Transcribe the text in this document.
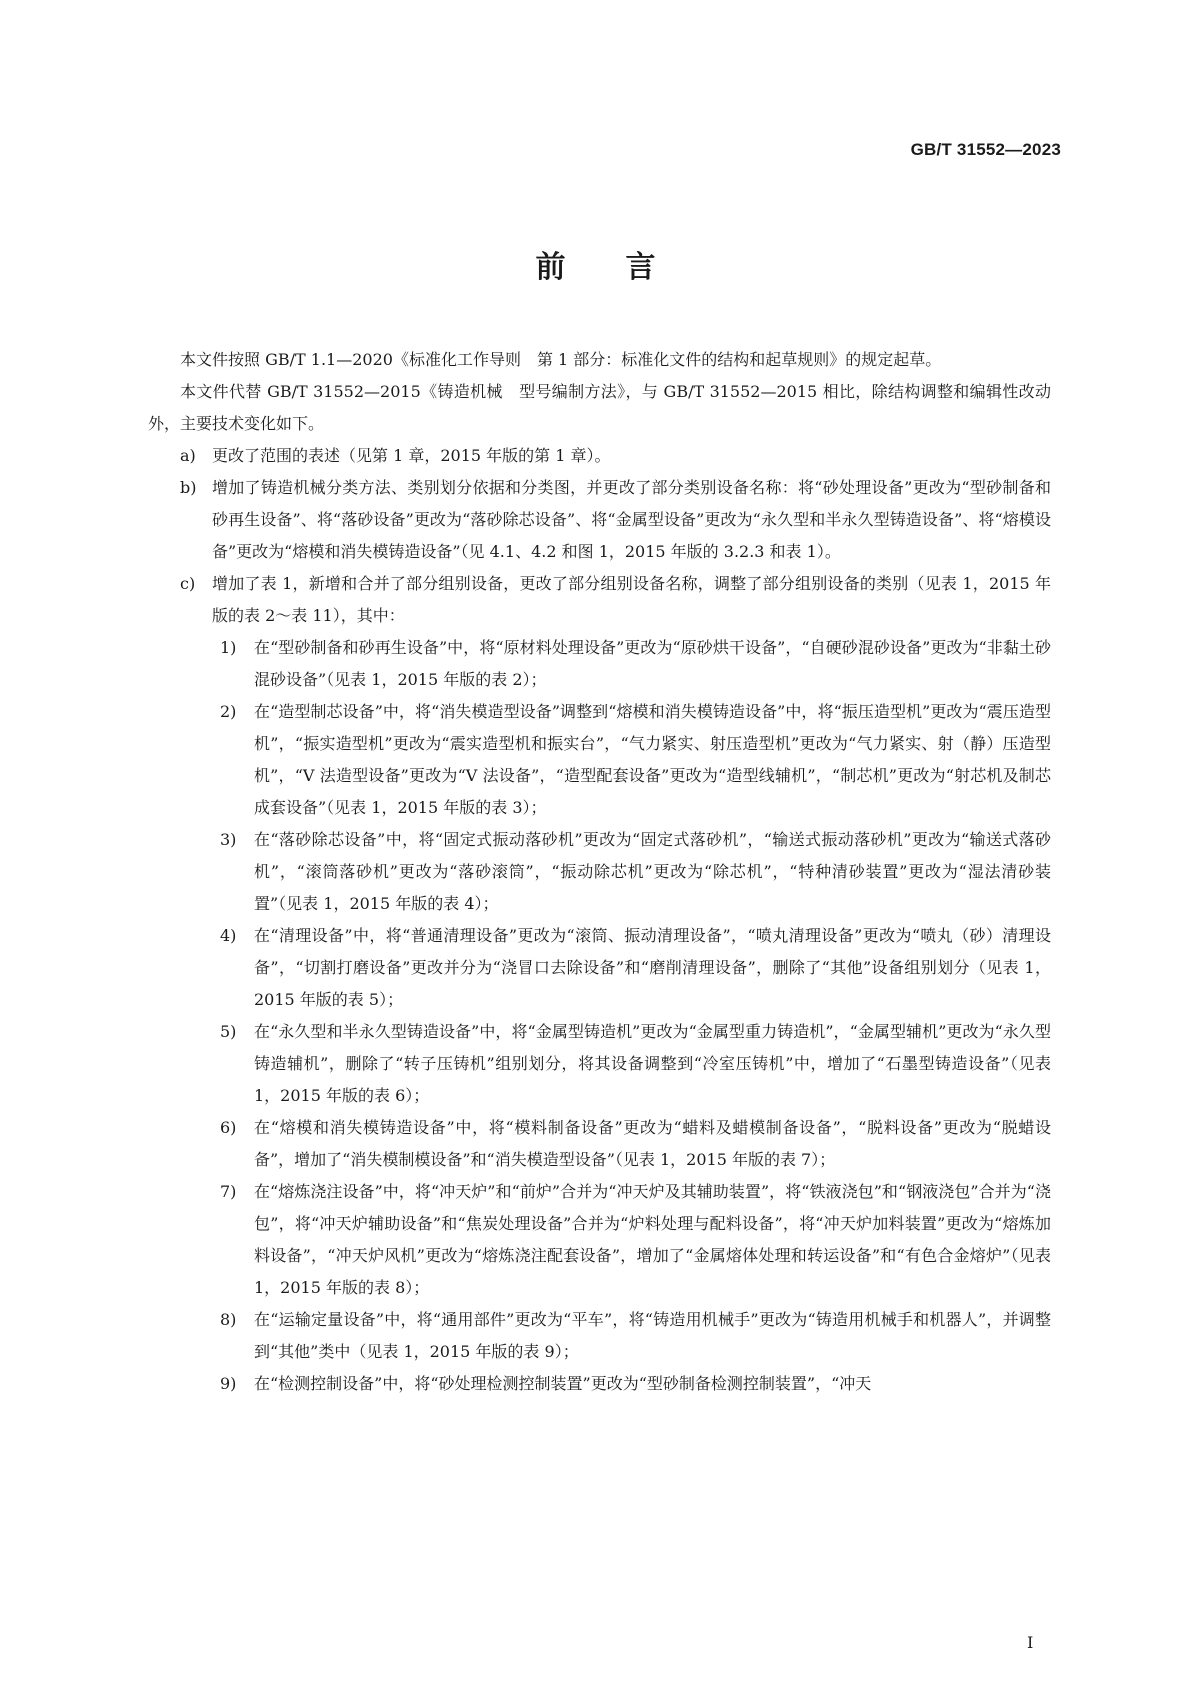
GB/T 31552—2023
前言

本文件按照 GB/T 1.1—2020《标准化工作导则　第 1 部分：标准化文件的结构和起草规则》的规定起草。

本文件代替 GB/T 31552—2015《铸造机械　型号编制方法》，与 GB/T 31552—2015 相比，除结构调整和编辑性改动外，主要技术变化如下。

a) 更改了范围的表述（见第 1 章，2015 年版的第 1 章）。
b) 增加了铸造机械分类方法、类别划分依据和分类图，并更改了部分类别设备名称：将“砂处理设备”更改为“型砂制备和砂再生设备”、将“落砂设备”更改为“落砂除芯设备”、将“金属型设备”更改为“永久型和半永久型铸造设备”、将“熔模设备”更改为“熔模和消失模铸造设备”（见 4.1、4.2 和图 1，2015 年版的 3.2.3 和表 1）。
c) 增加了表 1，新增和合并了部分组别设备，更改了部分组别设备名称，调整了部分组别设备的类别（见表 1，2015 年版的表 2～表 11），其中：
1) 在“型砂制备和砂再生设备”中，将“原材料处理设备”更改为“原砂烘干设备”，“自硬砂混砂设备”更改为“非黏土砂混砂设备”（见表 1，2015 年版的表 2）；
2) 在“造型制芯设备”中，将“消失模造型设备”调整到“熔模和消失模铸造设备”中，将“振压造型机”更改为“震压造型机”，“振实造型机”更改为“震实造型机和振实台”，“气力紧实、射压造型机”更改为“气力紧实、射（静）压造型机”，“V 法造型设备”更改为“V 法设备”，“造型配套设备”更改为“造型线辅机”，“制芯机”更改为“射芯机及制芯成套设备”（见表 1，2015 年版的表 3）；
3) 在“落砂除芯设备”中，将“固定式振动落砂机”更改为“固定式落砂机”，“输送式振动落砂机”更改为“输送式落砂机”，“滚筒落砂机”更改为“落砂滚筒”，“振动除芯机”更改为“除芯机”，“特种清砂装置”更改为“湿法清砂装置”（见表 1，2015 年版的表 4）；
4) 在“清理设备”中，将“普通清理设备”更改为“滚筒、振动清理设备”，“喷丸清理设备”更改为“喷丸（砂）清理设备”，“切割打磨设备”更改并分为“浇冒口去除设备”和“磨削清理设备”，删除了“其他”设备组别划分（见表 1，2015 年版的表 5）；
5) 在“永久型和半永久型铸造设备”中，将“金属型铸造机”更改为“金属型重力铸造机”，“金属型辅机”更改为“永久型铸造辅机”，删除了“转子压铸机”组别划分，将其设备调整到“冷室压铸机”中，增加了“石墨型铸造设备”（见表 1，2015 年版的表 6）；
6) 在“熔模和消失模铸造设备”中，将“模料制备设备”更改为“蜡料及蜡模制备设备”，“脱料设备”更改为“脱蜡设备”，增加了“消失模制模设备”和“消失模造型设备”（见表 1，2015 年版的表 7）；
7) 在“熔炼浇注设备”中，将“冲天炉”和“前炉”合并为“冲天炉及其辅助装置”，将“铁液浇包”和“钢液浇包”合并为“浇包”，将“冲天炉辅助设备”和“焦炭处理设备”合并为“炉料处理与配料设备”，将“冲天炉加料装置”更改为“熔炼加料设备”，“冲天炉风机”更改为“熔炼浇注配套设备”，增加了“金属熔体处理和转运设备”和“有色合金熔炉”（见表 1，2015 年版的表 8）；
8) 在“运输定量设备”中，将“通用部件”更改为“平车”，将“铸造用机械手”更改为“铸造用机械手和机器人”，并调整到“其他”类中（见表 1，2015 年版的表 9）；
9) 在“检测控制设备”中，将“砂处理检测控制装置”更改为“型砂制备检测控制装置”，“冲天
I
